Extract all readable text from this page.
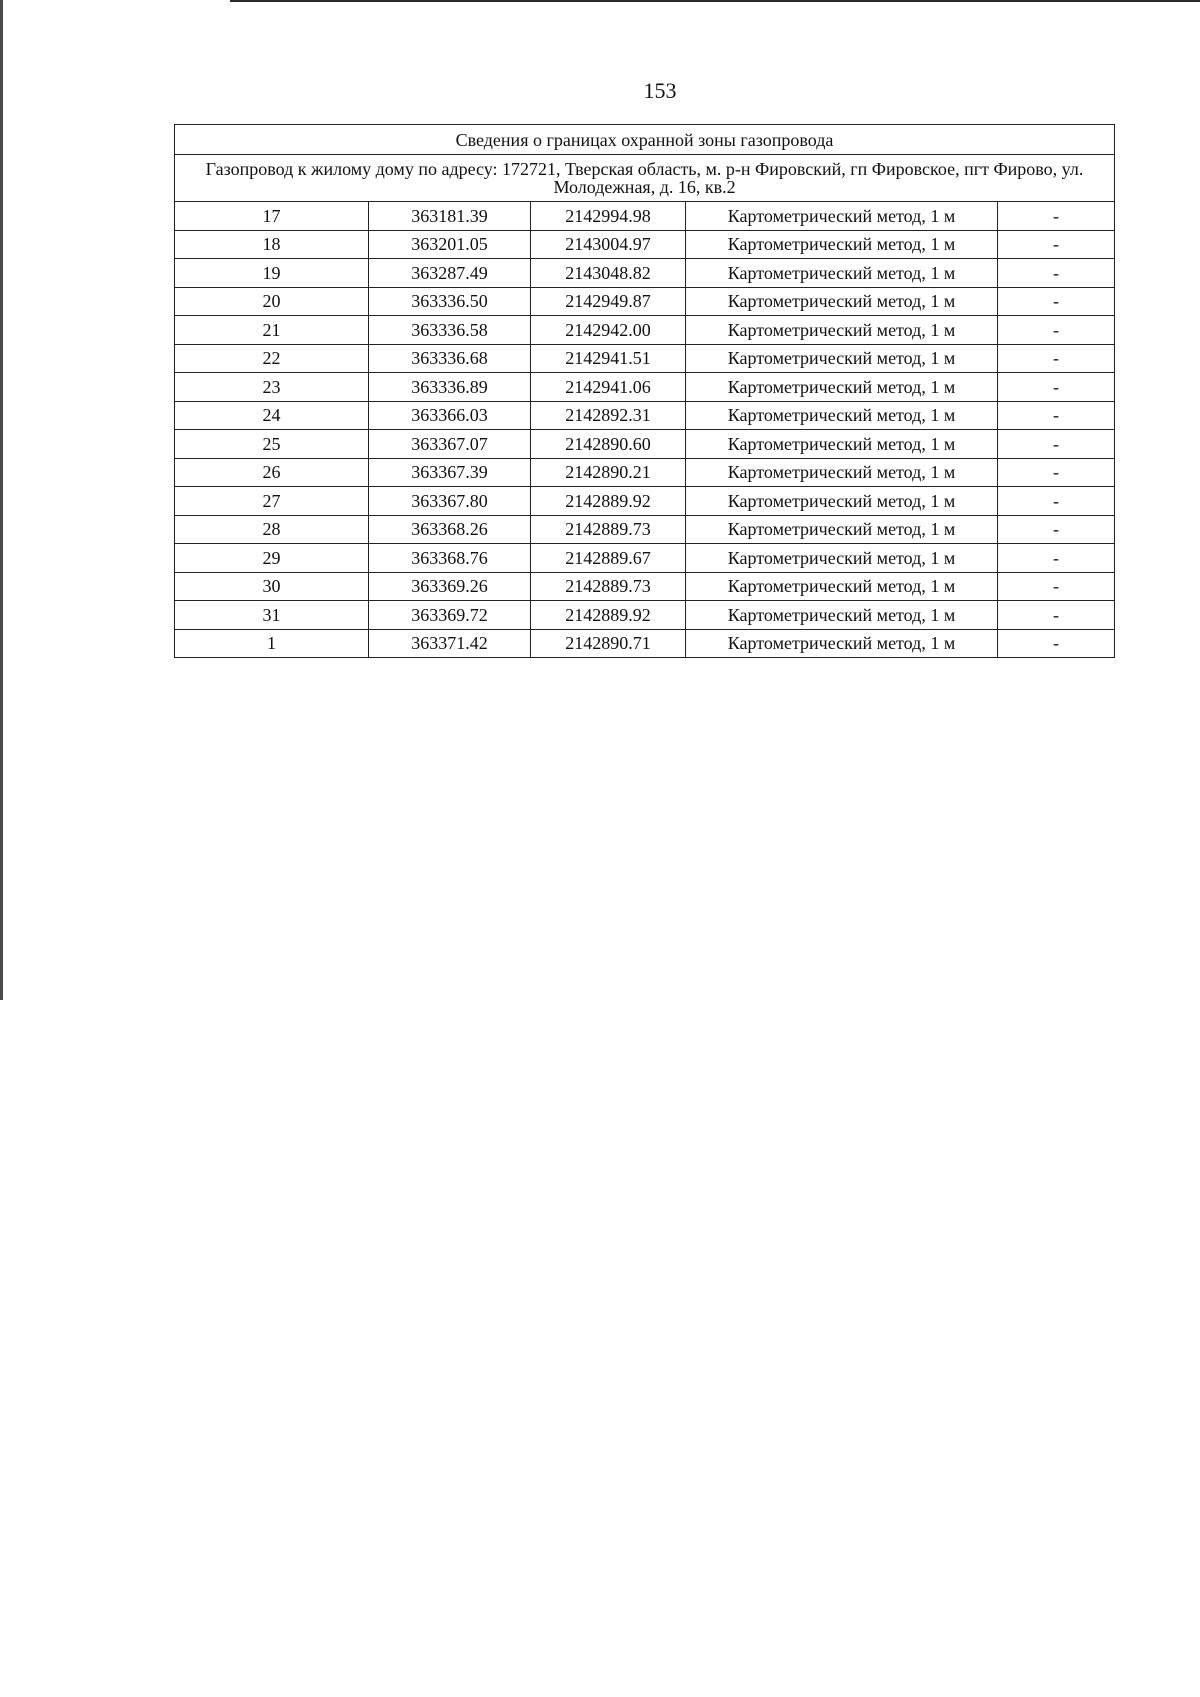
153
Сведения о границах охранной зоны газопровода				
Газопровод к жилому дому по адресу: 172721, Тверская область, м. р-н Фировский, гп Фировское, пгт Фирово, ул. Молодежная, д. 16, кв.2				
17	363181.39	2142994.98	Картометрический метод, 1 м	-
18	363201.05	2143004.97	Картометрический метод, 1 м	-
19	363287.49	2143048.82	Картометрический метод, 1 м	-
20	363336.50	2142949.87	Картометрический метод, 1 м	-
21	363336.58	2142942.00	Картометрический метод, 1 м	-
22	363336.68	2142941.51	Картометрический метод, 1 м	-
23	363336.89	2142941.06	Картометрический метод, 1 м	-
24	363366.03	2142892.31	Картометрический метод, 1 м	-
25	363367.07	2142890.60	Картометрический метод, 1 м	-
26	363367.39	2142890.21	Картометрический метод, 1 м	-
27	363367.80	2142889.92	Картометрический метод, 1 м	-
28	363368.26	2142889.73	Картометрический метод, 1 м	-
29	363368.76	2142889.67	Картометрический метод, 1 м	-
30	363369.26	2142889.73	Картометрический метод, 1 м	-
31	363369.72	2142889.92	Картометрический метод, 1 м	-
1	363371.42	2142890.71	Картометрический метод, 1 м	-
